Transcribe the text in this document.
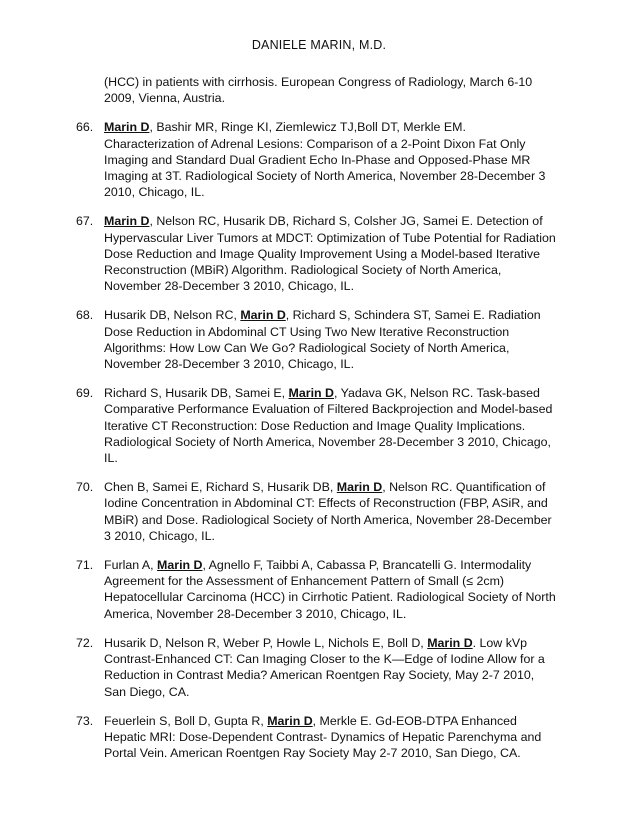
DANIELE MARIN, M.D.
(HCC) in patients with cirrhosis. European Congress of Radiology, March 6-10 2009, Vienna, Austria.
66. Marin D, Bashir MR, Ringe KI, Ziemlewicz TJ,Boll DT, Merkle EM. Characterization of Adrenal Lesions: Comparison of a 2-Point Dixon Fat Only Imaging and Standard Dual Gradient Echo In-Phase and Opposed-Phase MR Imaging at 3T. Radiological Society of North America, November 28-December 3 2010, Chicago, IL.
67. Marin D, Nelson RC, Husarik DB, Richard S, Colsher JG, Samei E. Detection of Hypervascular Liver Tumors at MDCT: Optimization of Tube Potential for Radiation Dose Reduction and Image Quality Improvement Using a Model-based Iterative Reconstruction (MBiR) Algorithm. Radiological Society of North America, November 28-December 3 2010, Chicago, IL.
68. Husarik DB, Nelson RC, Marin D, Richard S, Schindera ST, Samei E. Radiation Dose Reduction in Abdominal CT Using Two New Iterative Reconstruction Algorithms: How Low Can We Go? Radiological Society of North America, November 28-December 3 2010, Chicago, IL.
69. Richard S, Husarik DB, Samei E, Marin D, Yadava GK, Nelson RC. Task-based Comparative Performance Evaluation of Filtered Backprojection and Model-based Iterative CT Reconstruction: Dose Reduction and Image Quality Implications. Radiological Society of North America, November 28-December 3 2010, Chicago, IL.
70. Chen B, Samei E, Richard S, Husarik DB, Marin D, Nelson RC. Quantification of Iodine Concentration in Abdominal CT: Effects of Reconstruction (FBP, ASiR, and MBiR) and Dose. Radiological Society of North America, November 28-December 3 2010, Chicago, IL.
71. Furlan A, Marin D, Agnello F, Taibbi A, Cabassa P, Brancatelli G. Intermodality Agreement for the Assessment of Enhancement Pattern of Small (≤ 2cm) Hepatocellular Carcinoma (HCC) in Cirrhotic Patient. Radiological Society of North America, November 28-December 3 2010, Chicago, IL.
72. Husarik D, Nelson R, Weber P, Howle L, Nichols E, Boll D, Marin D. Low kVp Contrast-Enhanced CT: Can Imaging Closer to the K—Edge of Iodine Allow for a Reduction in Contrast Media? American Roentgen Ray Society, May 2-7 2010, San Diego, CA.
73. Feuerlein S, Boll D, Gupta R, Marin D, Merkle E. Gd-EOB-DTPA Enhanced Hepatic MRI: Dose-Dependent Contrast- Dynamics of Hepatic Parenchyma and Portal Vein. American Roentgen Ray Society May 2-7 2010, San Diego, CA.
